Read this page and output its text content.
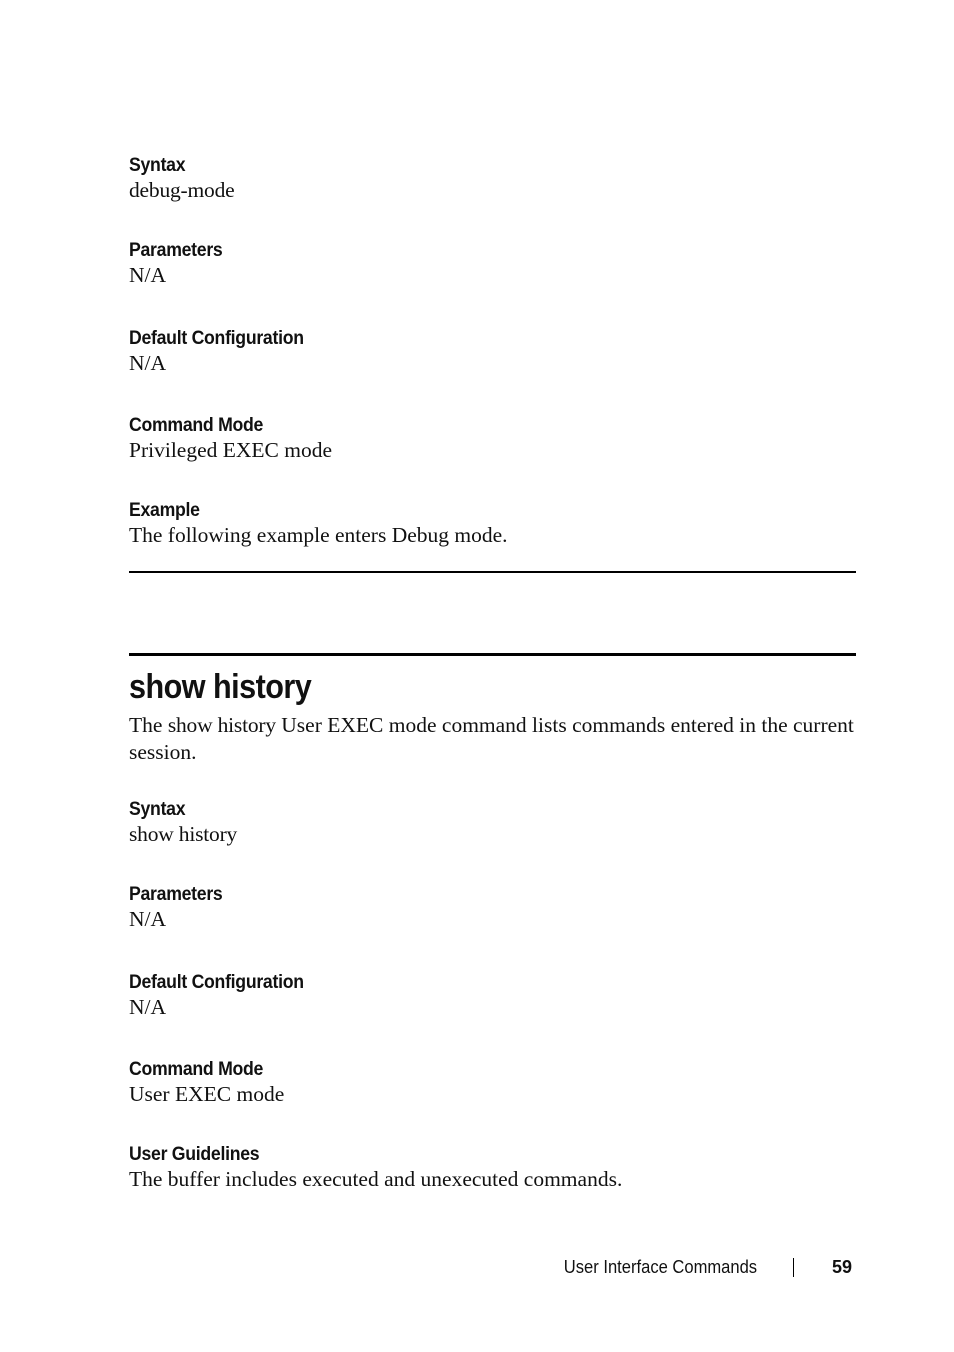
Syntax

debug-mode

Parameters

N/A

Default Configuration

N/A

Command Mode

Privileged EXEC mode

Example

The following example enters Debug mode.

show history

The show history User EXEC mode command lists commands entered in the current session.

Syntax

show history

Parameters

N/A

Default Configuration

N/A

Command Mode

User EXEC mode

User Guidelines

The buffer includes executed and unexecuted commands.

User Interface Commands	59
